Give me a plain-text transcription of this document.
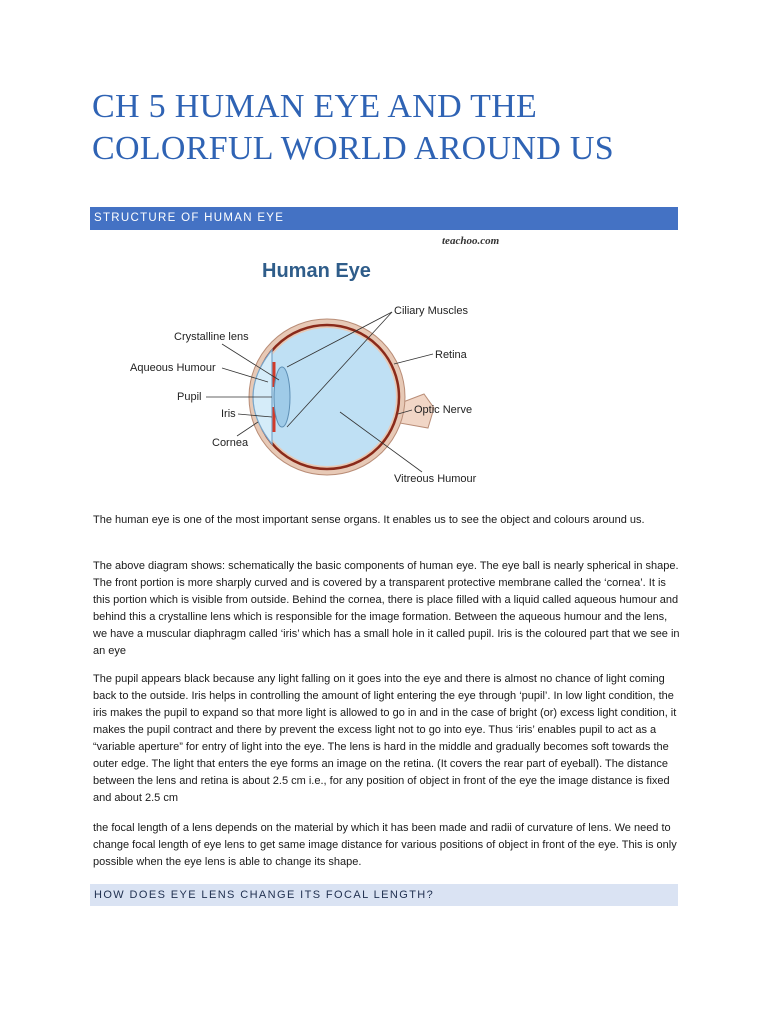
CH 5 HUMAN EYE AND THE
COLORFUL WORLD AROUND US
STRUCTURE OF HUMAN EYE
teachoo.com
Human Eye
Ciliary Muscles
Crystalline lens
Retina
Aqueous Humour
Pupil
Optic Nerve
Iris
Cornea
Vitreous Humour
The human eye is one of the most important sense organs. It enables us to see the object and colours around us.
The above diagram shows: schematically the basic components of human eye. The eye ball is nearly spherical in shape. The front portion is more sharply curved and is covered by a transparent protective membrane called the ‘cornea’. It is this portion which is visible from outside. Behind the cornea, there is place filled with a liquid called aqueous humour and behind this a crystalline lens which is responsible for the image formation. Between the aqueous humour and the lens, we have a muscular diaphragm called ‘iris’ which has a small hole in it called pupil. Iris is the coloured part that we see in an eye
The pupil appears black because any light falling on it goes into the eye and there is almost no chance of light coming back to the outside. Iris helps in controlling the amount of light entering the eye through ‘pupil’. In low light condition, the iris makes the pupil to expand so that more light is allowed to go in and in the case of bright (or) excess light condition, it makes the pupil contract and there by prevent the excess light not to go into eye. Thus ‘iris’ enables pupil to act as a “variable aperture” for entry of light into the eye. The lens is hard in the middle and gradually becomes soft towards the outer edge. The light that enters the eye forms an image on the retina. (It covers the rear part of eyeball). The distance between the lens and retina is about 2.5 cm i.e., for any position of object in front of the eye the image distance is fixed and about 2.5 cm
the focal length of a lens depends on the material by which it has been made and radii of curvature of lens. We need to change focal length of eye lens to get same image distance for various positions of object in front of the eye. This is only possible when the eye lens is able to change its shape.
HOW DOES EYE LENS CHANGE ITS FOCAL LENGTH?
